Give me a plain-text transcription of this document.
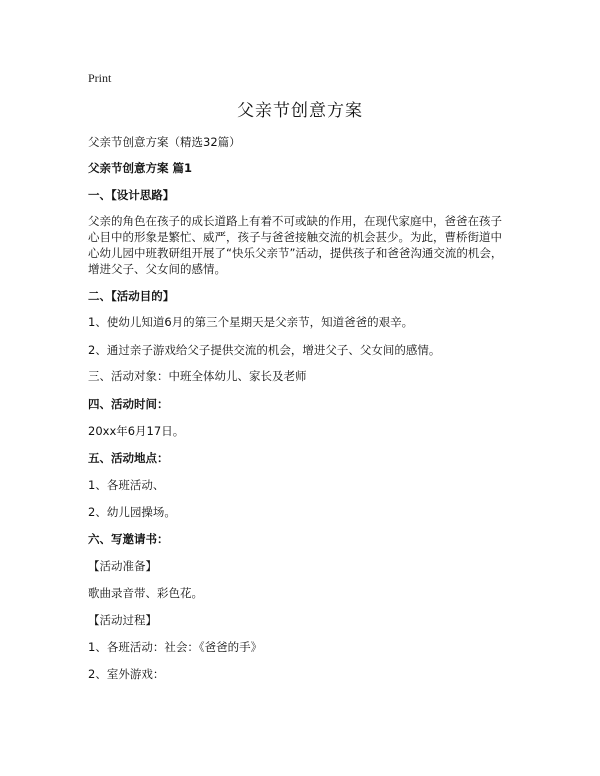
Print
父亲节创意方案
父亲节创意方案（精选32篇）
父亲节创意方案 篇1
一、【设计思路】
父亲的角色在孩子的成长道路上有着不可或缺的作用，在现代家庭中，爸爸在孩子
心目中的形象是繁忙、威严，孩子与爸爸接触交流的机会甚少。为此，曹桥街道中
心幼儿园中班教研组开展了“快乐父亲节”活动，提供孩子和爸爸沟通交流的机会，
增进父子、父女间的感情。
二、【活动目的】
1、使幼儿知道6月的第三个星期天是父亲节，知道爸爸的艰辛。
2、通过亲子游戏给父子提供交流的机会，增进父子、父女间的感情。
三、活动对象：中班全体幼儿、家长及老师
四、活动时间：
20xx年6月17日。
五、活动地点：
1、各班活动、
2、幼儿园操场。
六、写邀请书：
【活动准备】
歌曲录音带、彩色花。
【活动过程】
1、各班活动：社会：《爸爸的手》
2、室外游戏：
